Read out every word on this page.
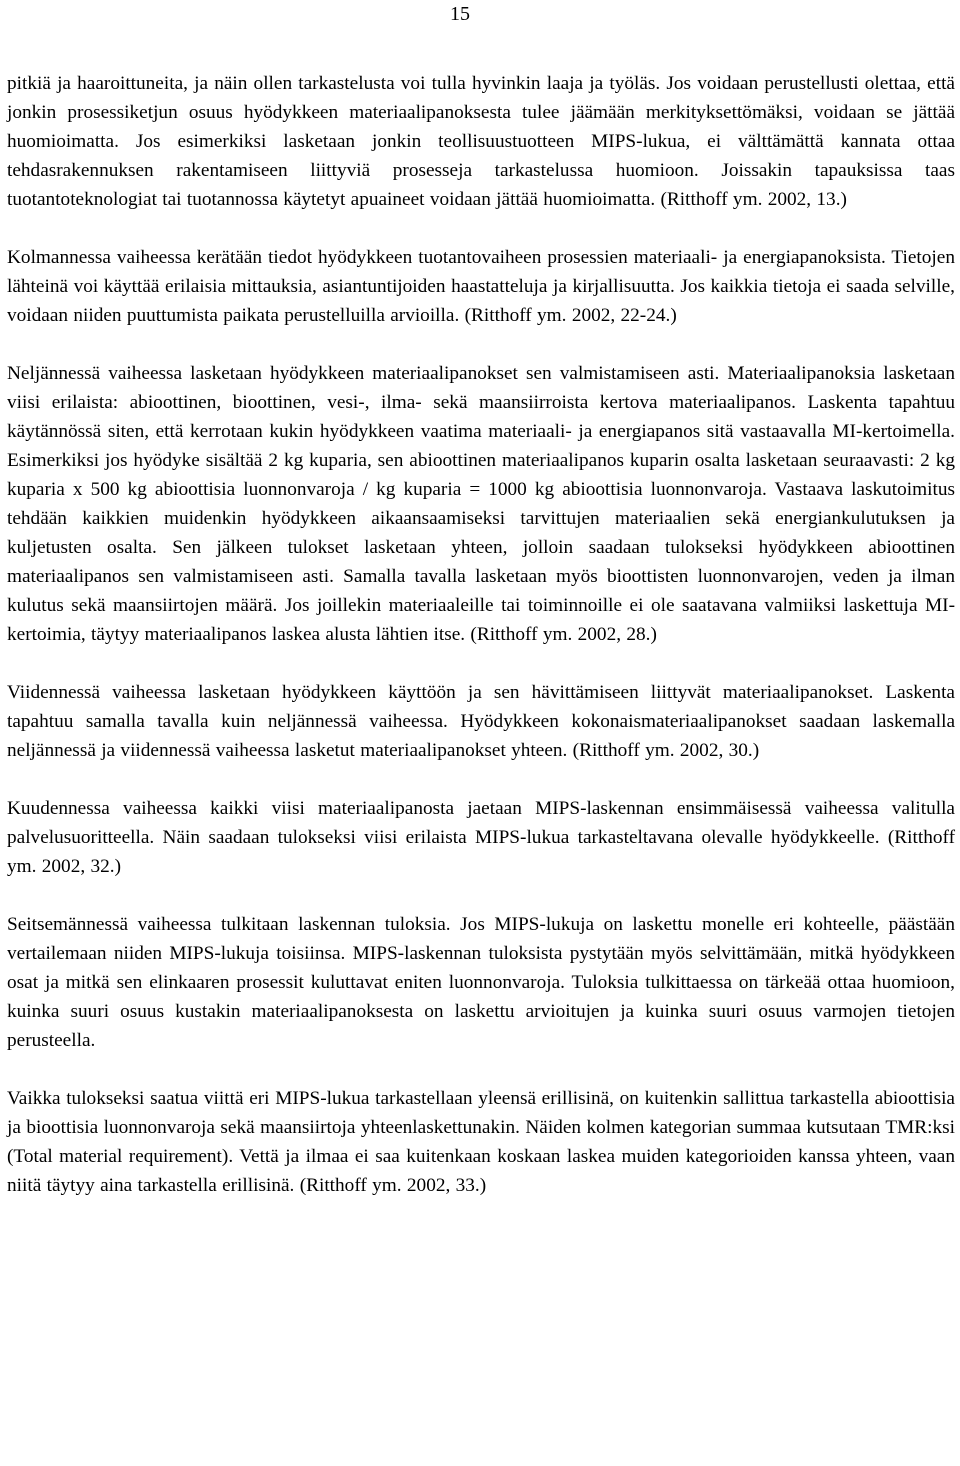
15

pitkiä ja haaroittuneita, ja näin ollen tarkastelusta voi tulla hyvinkin laaja ja työläs. Jos voidaan perustellusti olettaa, että jonkin prosessiketjun osuus hyödykkeen materiaalipanoksesta tulee jäämään merkityksettömäksi, voidaan se jättää huomioimatta. Jos esimerkiksi lasketaan jonkin teollisuustuotteen MIPS-lukua, ei välttämättä kannata ottaa tehdasrakennuksen rakentamiseen liittyviä prosesseja tarkastelussa huomioon. Joissakin tapauksissa taas tuotantoteknologiat tai tuotannossa käytetyt apuaineet voidaan jättää huomioimatta. (Ritthoff ym. 2002, 13.)

Kolmannessa vaiheessa kerätään tiedot hyödykkeen tuotantovaiheen prosessien materiaali- ja energiapanoksista. Tietojen lähteinä voi käyttää erilaisia mittauksia, asiantuntijoiden haastatteluja ja kirjallisuutta. Jos kaikkia tietoja ei saada selville, voidaan niiden puuttumista paikata perustelluilla arvioilla. (Ritthoff ym. 2002, 22-24.)

Neljännessä vaiheessa lasketaan hyödykkeen materiaalipanokset sen valmistamiseen asti. Materiaalipanoksia lasketaan viisi erilaista: abioottinen, bioottinen, vesi-, ilma- sekä maansiirroista kertova materiaalipanos. Laskenta tapahtuu käytännössä siten, että kerrotaan kukin hyödykkeen vaatima materiaali- ja energiapanos sitä vastaavalla MI-kertoimella. Esimerkiksi jos hyödyke sisältää 2 kg kuparia, sen abioottinen materiaalipanos kuparin osalta lasketaan seuraavasti: 2 kg kuparia x 500 kg abioottisia luonnonvaroja / kg kuparia = 1000 kg abioottisia luonnonvaroja. Vastaava laskutoimitus tehdään kaikkien muidenkin hyödykkeen aikaansaamiseksi tarvittujen materiaalien sekä energiankulutuksen ja kuljetusten osalta. Sen jälkeen tulokset lasketaan yhteen, jolloin saadaan tulokseksi hyödykkeen abioottinen materiaalipanos sen valmistamiseen asti. Samalla tavalla lasketaan myös bioottisten luonnonvarojen, veden ja ilman kulutus sekä maansiirtojen määrä. Jos joillekin materiaaleille tai toiminnoille ei ole saatavana valmiiksi laskettuja MI-kertoimia, täytyy materiaalipanos laskea alusta lähtien itse. (Ritthoff ym. 2002, 28.)

Viidennessä vaiheessa lasketaan hyödykkeen käyttöön ja sen hävittämiseen liittyvät materiaalipanokset. Laskenta tapahtuu samalla tavalla kuin neljännessä vaiheessa. Hyödykkeen kokonaismateriaalipanokset saadaan laskemalla neljännessä ja viidennessä vaiheessa lasketut materiaalipanokset yhteen. (Ritthoff ym. 2002, 30.)

Kuudennessa vaiheessa kaikki viisi materiaalipanosta jaetaan MIPS-laskennan ensimmäisessä vaiheessa valitulla palvelusuoritteella. Näin saadaan tulokseksi viisi erilaista MIPS-lukua tarkasteltavana olevalle hyödykkeelle. (Ritthoff ym. 2002, 32.)

Seitsemännessä vaiheessa tulkitaan laskennan tuloksia. Jos MIPS-lukuja on laskettu monelle eri kohteelle, päästään vertailemaan niiden MIPS-lukuja toisiinsa. MIPS-laskennan tuloksista pystytään myös selvittämään, mitkä hyödykkeen osat ja mitkä sen elinkaaren prosessit kuluttavat eniten luonnonvaroja. Tuloksia tulkittaessa on tärkeää ottaa huomioon, kuinka suuri osuus kustakin materiaalipanoksesta on laskettu arvioitujen ja kuinka suuri osuus varmojen tietojen perusteella.

Vaikka tulokseksi saatua viittä eri MIPS-lukua tarkastellaan yleensä erillisinä, on kuitenkin sallittua tarkastella abioottisia ja bioottisia luonnonvaroja sekä maansiirtoja yhteenlaskettunakin. Näiden kolmen kategorian summaa kutsutaan TMR:ksi (Total material requirement). Vettä ja ilmaa ei saa kuitenkaan koskaan laskea muiden kategorioiden kanssa yhteen, vaan niitä täytyy aina tarkastella erillisinä. (Ritthoff ym. 2002, 33.)
